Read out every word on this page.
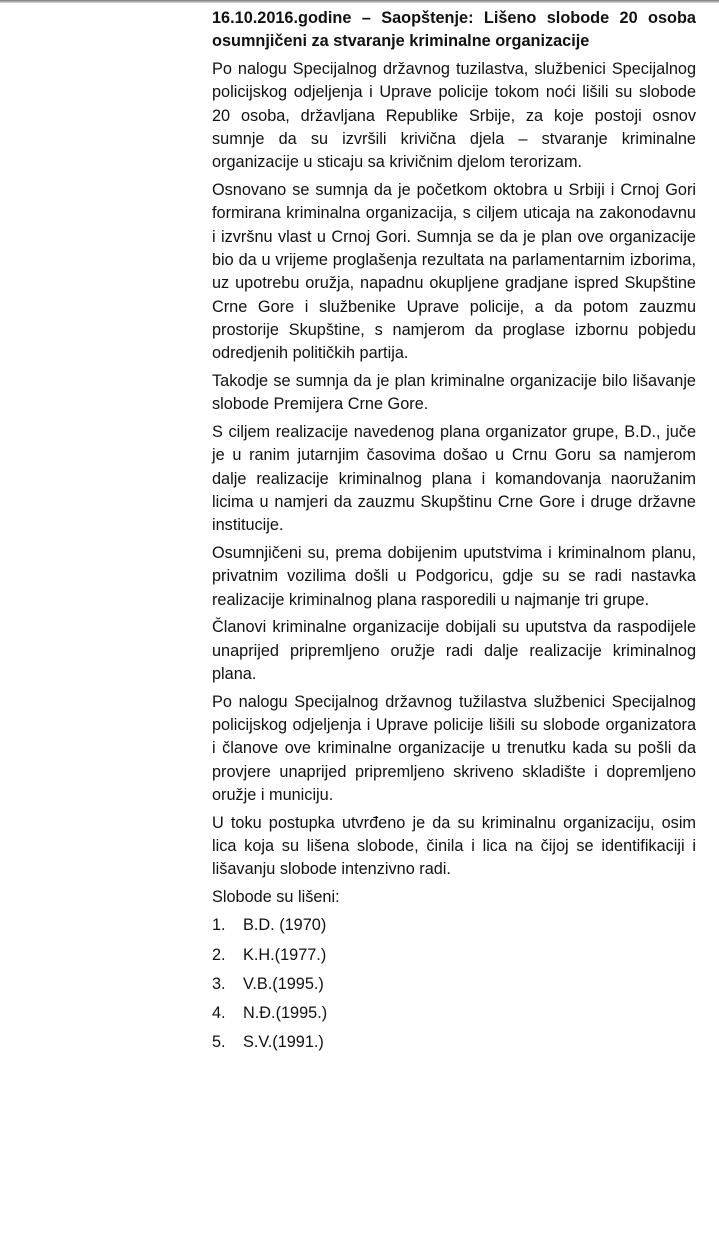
16.10.2016.godine – Saopštenje: Lišeno slobode 20 osoba osumnjičeni za stvaranje kriminalne organizacije
Po nalogu Specijalnog državnog tuzilastva, službenici Specijalnog policijskog odjeljenja i Uprave policije tokom noći lišili su slobode 20 osoba, državljana Republike Srbije, za koje postoji osnov sumnje da su izvršili krivična djela – stvaranje kriminalne organizacije u sticaju sa krivičnim djelom terorizam.
Osnovano se sumnja da je početkom oktobra u Srbiji i Crnoj Gori formirana kriminalna organizacija, s ciljem uticaja na zakonodavnu i izvršnu vlast u Crnoj Gori. Sumnja se da je plan ove organizacije bio da u vrijeme proglašenja rezultata na parlamentarnim izborima, uz upotrebu oružja, napadnu okupljene gradjane ispred Skupštine Crne Gore i službenike Uprave policije, a da potom zauzmu prostorije Skupštine, s namjerom da proglase izbornu pobjedu odredjenih političkih partija.
Takodje se sumnja da je plan kriminalne organizacije bilo lišavanje slobode Premijera Crne Gore.
S ciljem realizacije navedenog plana organizator grupe, B.D., juče je u ranim jutarnjim časovima došao u Crnu Goru sa namjerom dalje realizacije kriminalnog plana i komandovanja naoružanim licima u namjeri da zauzmu Skupštinu Crne Gore i druge državne institucije.
Osumnjičeni su, prema dobijenim uputstvima i kriminalnom planu, privatnim vozilima došli u Podgoricu, gdje su se radi nastavka realizacije kriminalnog plana rasporedili u najmanje tri grupe.
Članovi kriminalne organizacije dobijali su uputstva da raspodijele unaprijed pripremljeno oružje radi dalje realizacije kriminalnog plana.
Po nalogu Specijalnog državnog tužilastva službenici Specijalnog policijskog odjeljenja i Uprave policije lišili su slobode organizatora i članove ove kriminalne organizacije u trenutku kada su pošli da provjere unaprijed pripremljeno skriveno skladište i dopremljeno oružje i municiju.
U toku postupka utvrđeno je da su kriminalnu organizaciju, osim lica koja su lišena slobode, činila i lica na čijoj se identifikaciji i lišavanju slobode intenzivno radi.
Slobode su lišeni:
1.	B.D. (1970)
2.	K.H.(1977.)
3.	V.B.(1995.)
4.	N.Đ.(1995.)
5.	S.V.(1991.)
